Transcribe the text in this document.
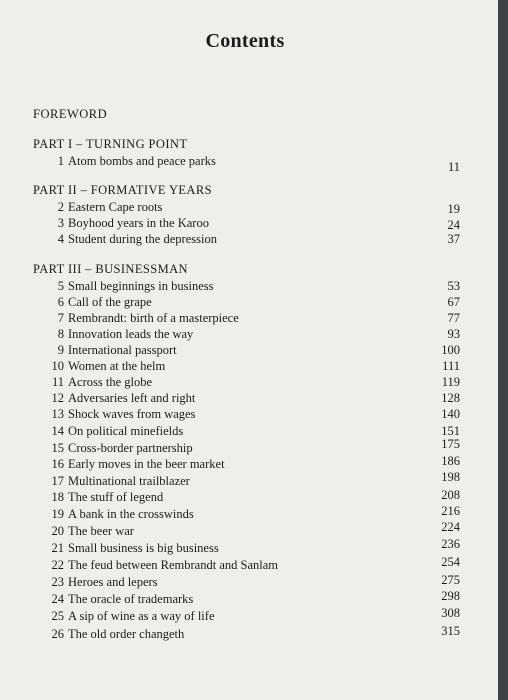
Contents
FOREWORD
PART I – TURNING POINT
1 Atom bombs and peace parks	11
PART II – FORMATIVE YEARS
2 Eastern Cape roots	19
3 Boyhood years in the Karoo	24
4 Student during the depression	37
PART III – BUSINESSMAN
5 Small beginnings in business	53
6 Call of the grape	67
7 Rembrandt: birth of a masterpiece	77
8 Innovation leads the way	93
9 International passport	100
10 Women at the helm	111
11 Across the globe	119
12 Adversaries left and right	128
13 Shock waves from wages	140
14 On political minefields	151
15 Cross-border partnership	175
16 Early moves in the beer market	186
17 Multinational trailblazer	198
18 The stuff of legend	208
19 A bank in the crosswinds	216
20 The beer war	224
21 Small business is big business	236
22 The feud between Rembrandt and Sanlam	254
23 Heroes and lepers	275
24 The oracle of trademarks	298
25 A sip of wine as a way of life	308
26 The old order changeth	315
